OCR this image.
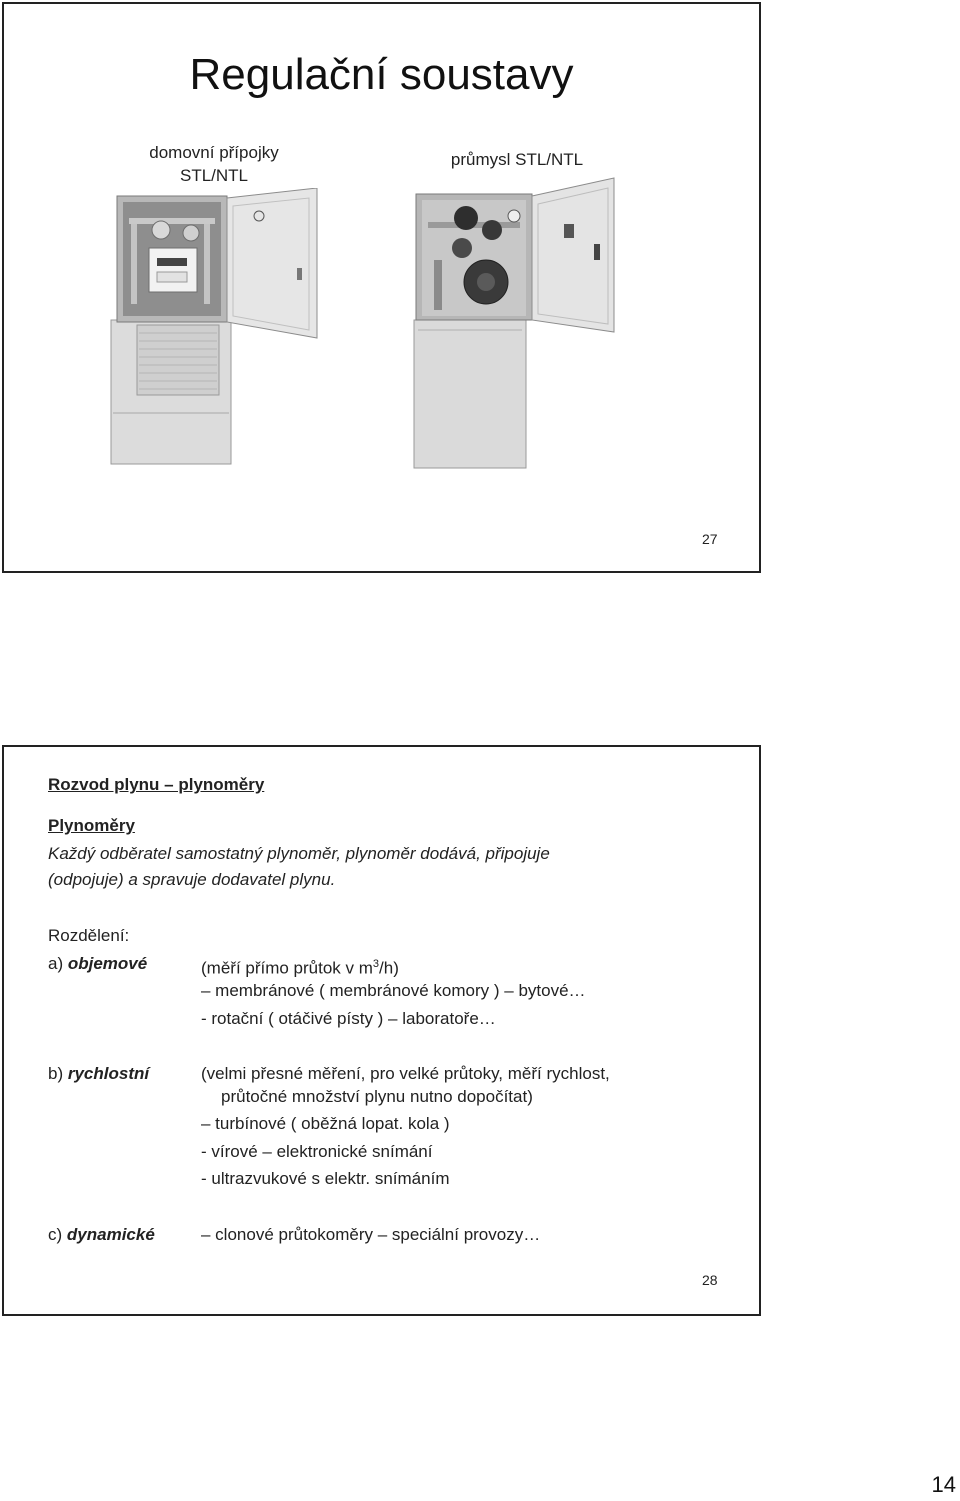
Regulační soustavy
domovní přípojky
STL/NTL
průmysl STL/NTL
27
Rozvod plynu – plynoměry
Plynoměry
Každý odběratel samostatný plynoměr, plynoměr dodává, připojuje
(odpojuje) a spravuje dodavatel plynu.
Rozdělení:
a) objemové	(měří přímo průtok v $m^3/h$)
– membránové ( membránové komory ) – bytové…
- rotační ( otáčivé písty ) – laboratoře…
b) rychlostní	(velmi přesné měření, pro velké průtoky, měří rychlost,
průtočné množství plynu nutno dopočítat)
– turbínové ( oběžná lopat. kola )
- vírové – elektronické snímání
- ultrazvukové s elektr. snímáním
c) dynamické	– clonové průtokoměry – speciální provozy…
28
14
